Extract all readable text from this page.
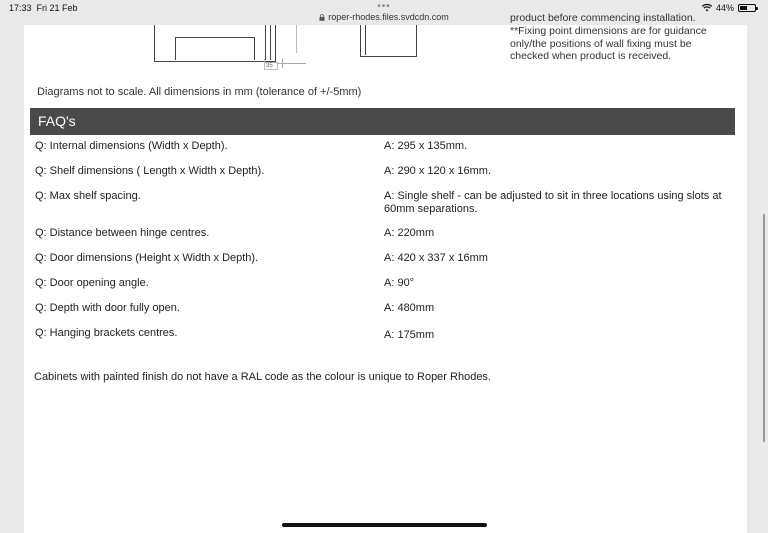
17:33 Fri 21 Feb	44%
•••
roper-rhodes.files.svdcdn.com
35
product before commencing installation.
**Fixing point dimensions are for guidance
only/the positions of wall fixing must be
checked when product is received.
Diagrams not to scale. All dimensions in mm (tolerance of +/-5mm)
FAQ's
Q: Internal dimensions (Width x Depth).	A: 295 x 135mm.
Q: Shelf dimensions ( Length x Width x Depth).	A: 290 x 120 x 16mm.
Q: Max shelf spacing.	A: Single shelf - can be adjusted to sit in three locations using slots at 60mm separations.
Q: Distance between hinge centres.	A: 220mm
Q: Door dimensions (Height x Width x Depth).	A: 420 x 337 x 16mm
Q: Door opening angle.	A: 90°
Q: Depth with door fully open.	A: 480mm
Q: Hanging brackets centres.	A: 175mm
Cabinets with painted finish do not have a RAL code as the colour is unique to Roper Rhodes.
